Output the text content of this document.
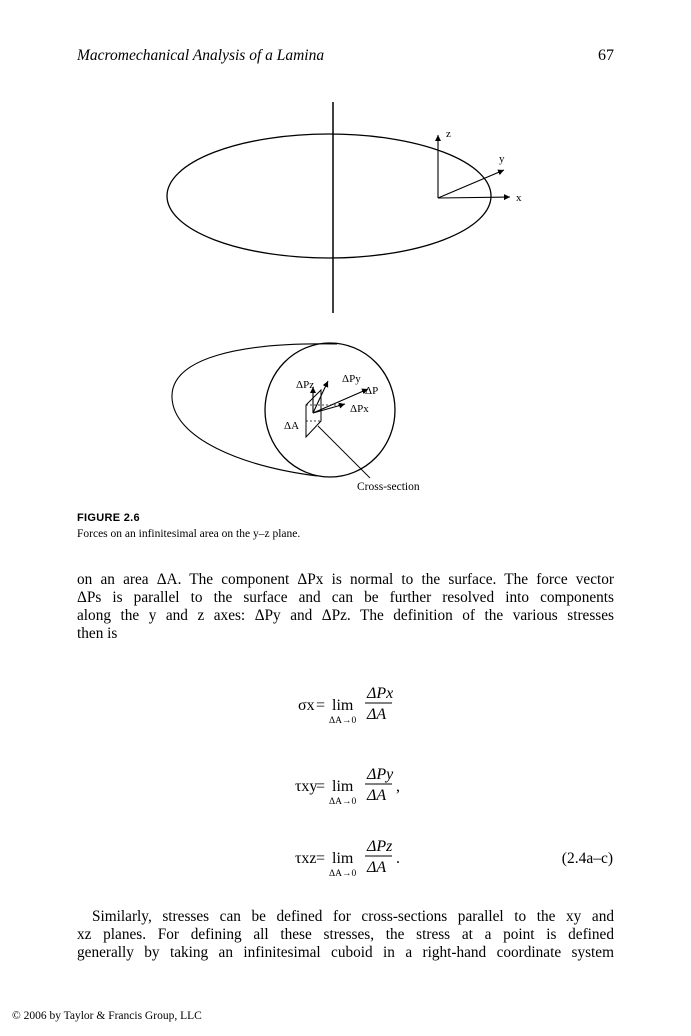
Macromechanical Analysis of a Lamina	67
z
y
x
ΔPz	ΔPy
ΔP
ΔPx
ΔA
Cross-section
FIGURE 2.6
Forces on an infinitesimal area on the y–z plane.
on an area ΔA. The component ΔPx is normal to the surface. The force vector
ΔPs is parallel to the surface and can be further resolved into components
along the y and z axes: ΔPy and ΔPz. The definition of the various stresses
then is
σx = lim
ΔA→0
ΔPx
ΔA
τxy
= lim
ΔA→0
ΔPy
ΔA
,
τxz = lim
ΔA→0
ΔPz
ΔA
.	(2.4a–c)
Similarly, stresses can be defined for cross-sections parallel to the xy and
xz planes. For defining all these stresses, the stress at a point is defined
generally by taking an infinitesimal cuboid in a right-hand coordinate system
© 2006 by Taylor & Francis Group, LLC
